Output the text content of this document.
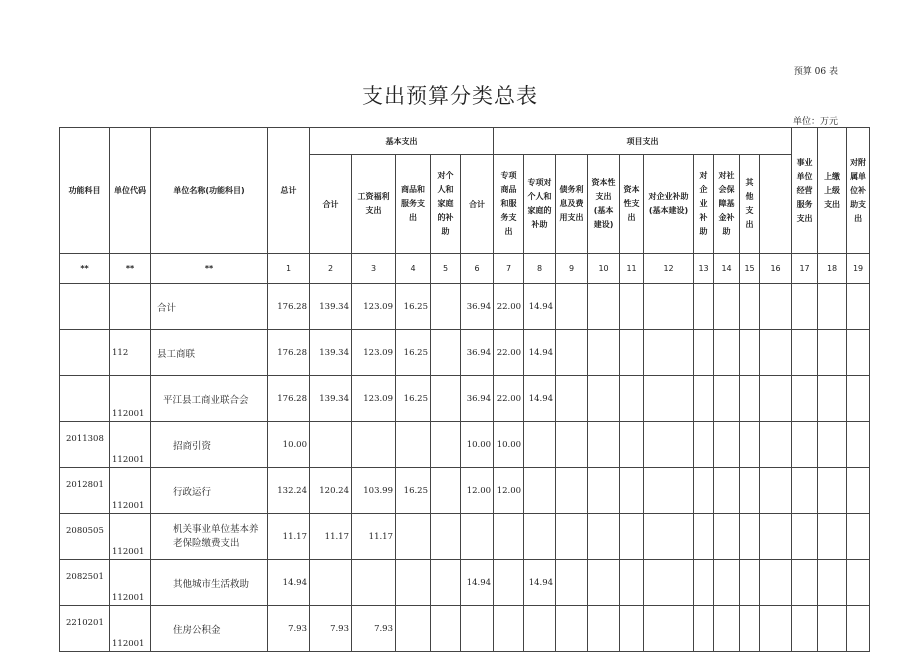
预算 06 表
支出预算分类总表
单位：万元
功能科目	单位代码	单位名称(功能科目)	总计	基本支出					项目支出										事业单位经营服务支出	上缴上级支出	对附属单位补助支出	
				合计	工资福利支出	商品和服务支出	对个人和家庭的补助	合计	专项商品和服务支出	专项对个人和家庭的补助	债务利息及费用支出	资本性支出(基本建设)	资本性支出	对企业补助(基本建设)	对企业补助	对社会保障基金补助	其他支出					
**	**	**	1	2	3	4	5	6	7	8	9	10	11	12	13	14	15	16	17	18	19	
		合计	176.28	139.34	123.09	16.25		36.94	22.00	14.94												
	112	县工商联	176.28	139.34	123.09	16.25		36.94	22.00	14.94												
	112001	平江县工商业联合会	176.28	139.34	123.09	16.25		36.94	22.00	14.94												
2011308	112001	招商引资	10.00					10.00	10.00													
2012801	112001	行政运行	132.24	120.24	103.99	16.25		12.00	12.00													
2080505	112001	机关事业单位基本养老保险缴费支出	11.17	11.17	11.17																	
2082501	112001	其他城市生活救助	14.94					14.94		14.94												
2210201	112001	住房公积金	7.93	7.93	7.93																	
